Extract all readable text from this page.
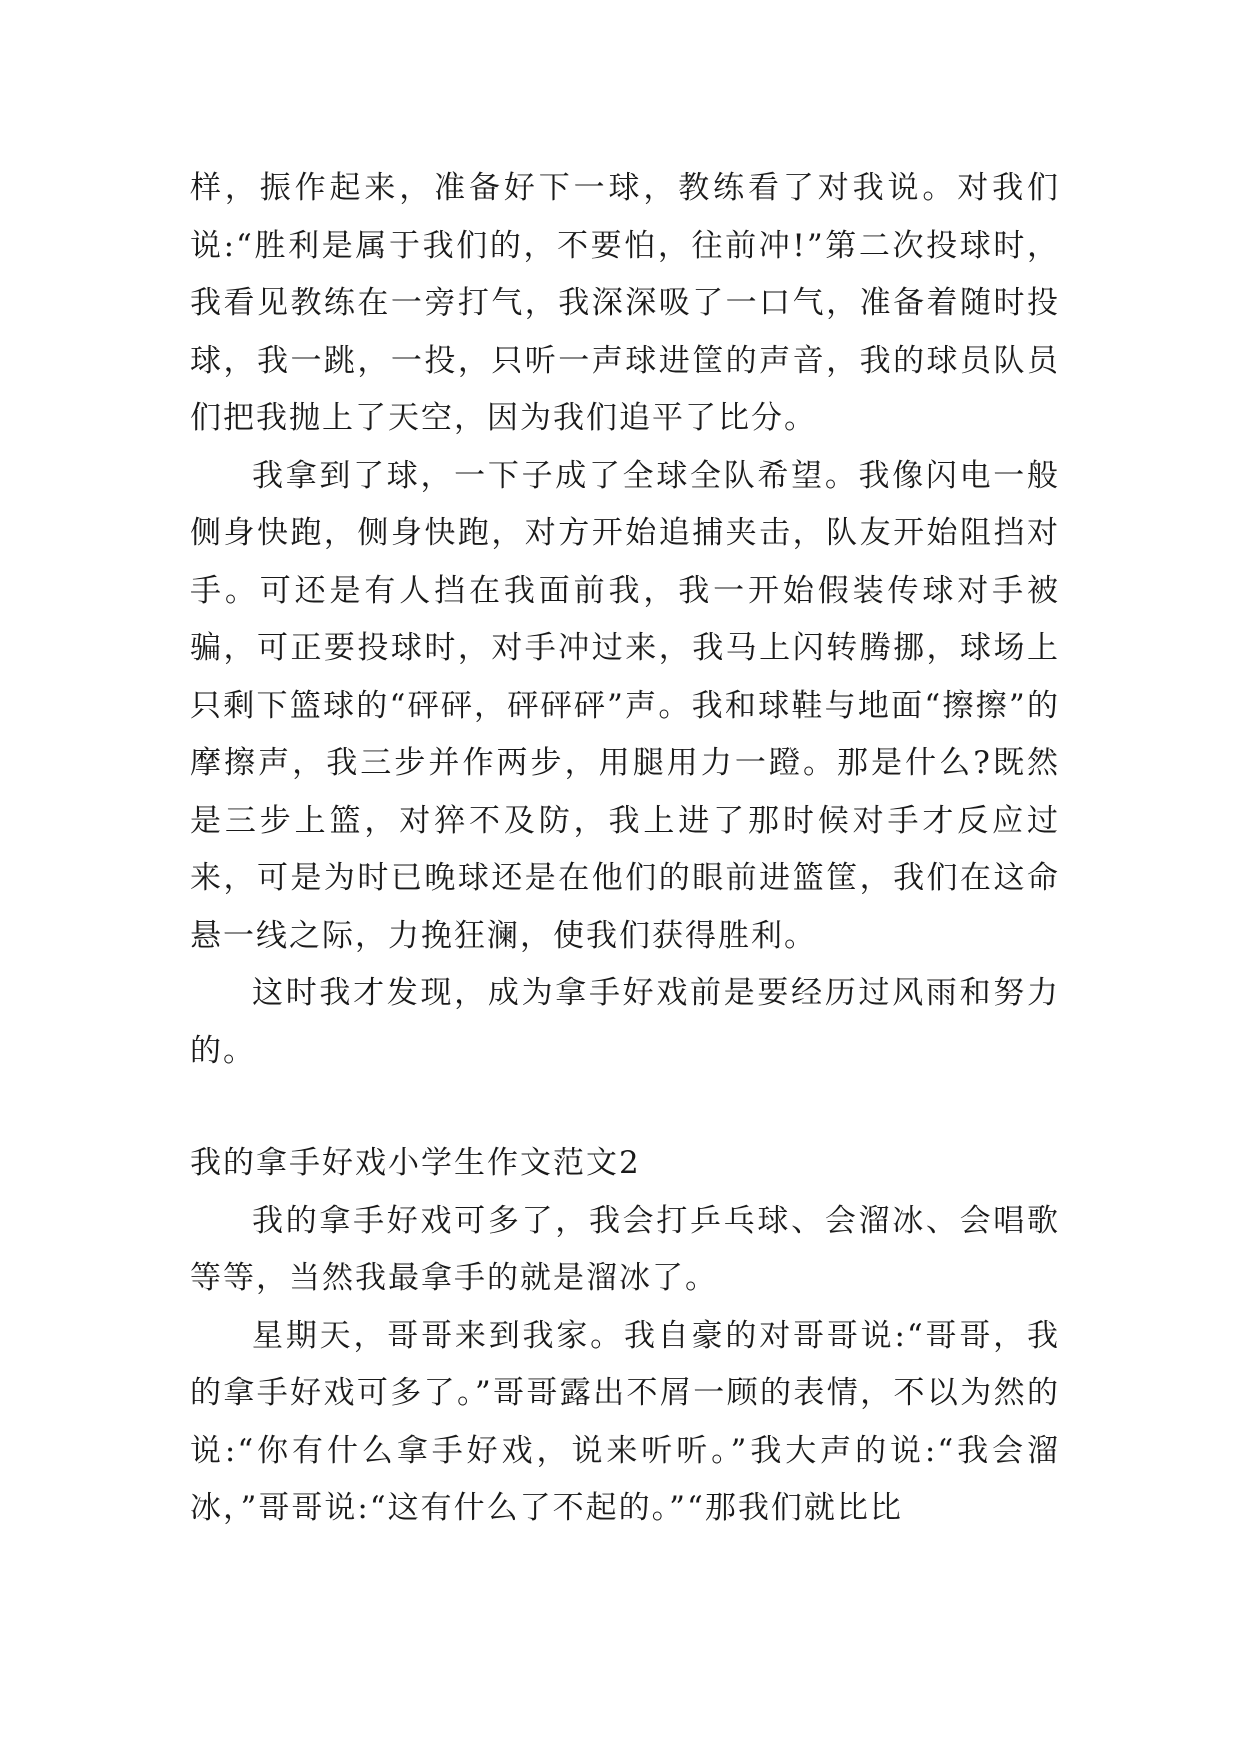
样，振作起来，准备好下一球，教练看了对我说。对我们说:“胜利是属于我们的，不要怕，往前冲!”第二次投球时，我看见教练在一旁打气，我深深吸了一口气，准备着随时投球，我一跳，一投，只听一声球进筐的声音，我的球员队员们把我抛上了天空，因为我们追平了比分。

我拿到了球，一下子成了全球全队希望。我像闪电一般侧身快跑，侧身快跑，对方开始追捕夹击，队友开始阻挡对手。可还是有人挡在我面前我，我一开始假装传球对手被骗，可正要投球时，对手冲过来，我马上闪转腾挪，球场上只剩下篮球的“砰砰，砰砰砰”声。我和球鞋与地面“擦擦”的摩擦声，我三步并作两步，用腿用力一蹬。那是什么?既然是三步上篮，对猝不及防，我上进了那时候对手才反应过来，可是为时已晚球还是在他们的眼前进篮筐，我们在这命悬一线之际，力挽狂澜，使我们获得胜利。

这时我才发现，成为拿手好戏前是要经历过风雨和努力的。

我的拿手好戏小学生作文范文2

我的拿手好戏可多了，我会打乒乓球、会溜冰、会唱歌等等，当然我最拿手的就是溜冰了。

星期天，哥哥来到我家。我自豪的对哥哥说:“哥哥，我的拿手好戏可多了。”哥哥露出不屑一顾的表情，不以为然的说:“你有什么拿手好戏，说来听听。”我大声的说:“我会溜冰，”哥哥说:“这有什么了不起的。”“那我们就比比
